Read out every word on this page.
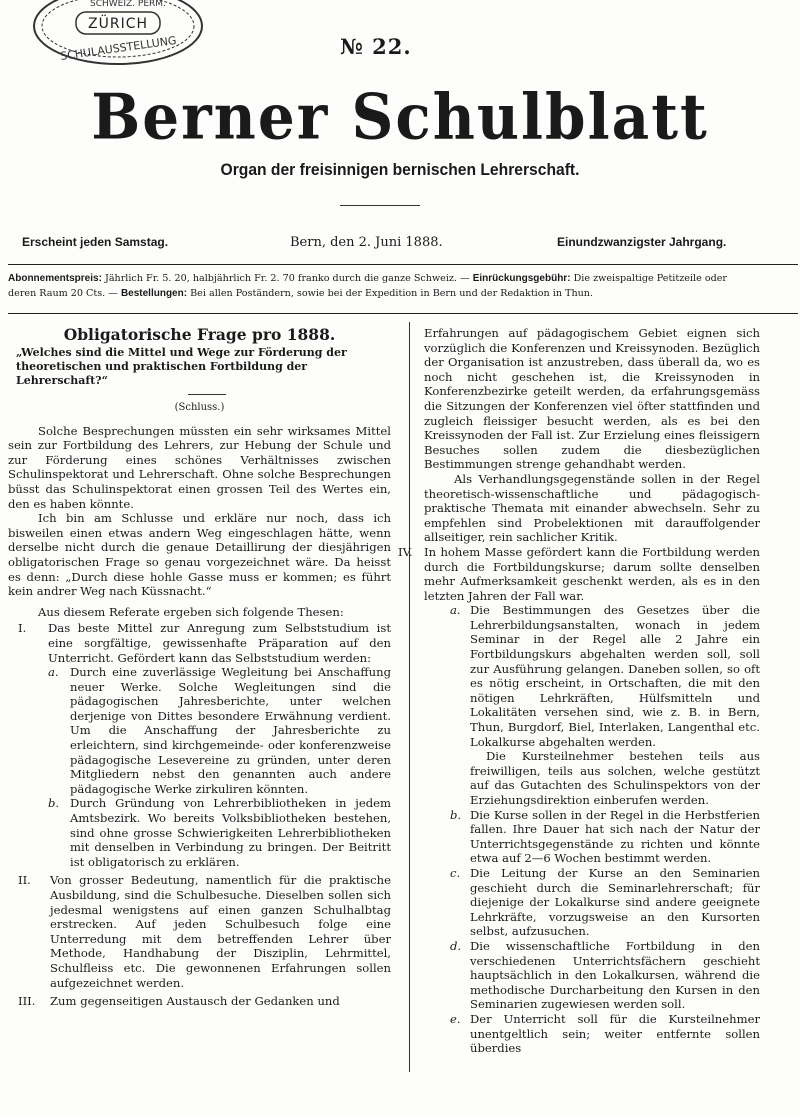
ZÜRICH
SCHWEIZ. PERM.
SCHULAUSSTELLUNG	№ 22.
Berner Schulblatt
Organ der freisinnigen bernischen Lehrerschaft.
Erscheint jeden Samstag.	Bern, den 2. Juni 1888.	Einundzwanzigster Jahrgang.
Abonnementspreis: Jährlich Fr. 5. 20, halbjährlich Fr. 2. 70 franko durch die ganze Schweiz. — Einrückungsgebühr: Die zweispaltige Petitzeile oder deren Raum 20 Cts. — Bestellungen: Bei allen Poständern, sowie bei der Expedition in Bern und der Redaktion in Thun.
Obligatorische Frage pro 1888.
„Welches sind die Mittel und Wege zur Förderung der theoretischen und praktischen Fortbildung der Lehrerschaft?“
(Schluss.)

Solche Besprechungen müssten ein sehr wirksames Mittel sein zur Fortbildung des Lehrers, zur Hebung der Schule und zur Förderung eines schönes Verhältnisses zwischen Schulinspektorat und Lehrerschaft. Ohne solche Besprechungen büsst das Schulinspektorat einen grossen Teil des Wertes ein, den es haben könnte.

Ich bin am Schlusse und erkläre nur noch, dass ich bisweilen einen etwas andern Weg eingeschlagen hätte, wenn derselbe nicht durch die genaue Detaillirung der diesjährigen obligatorischen Frage so genau vorgezeichnet wäre. Da heisst es denn: „Durch diese hohle Gasse muss er kommen; es führt kein andrer Weg nach Küssnacht.“

Aus diesem Referate ergeben sich folgende Thesen:

I.	Das beste Mittel zur Anregung zum Selbststudium ist eine sorgfältige, gewissenhafte Präparation auf den Unterricht. Gefördert kann das Selbststudium werden:
a. Durch eine zuverlässige Wegleitung bei Anschaffung neuer Werke. Solche Wegleitungen sind die pädagogischen Jahresberichte, unter welchen derjenige von Dittes besondere Erwähnung verdient. Um die Anschaffung der Jahresberichte zu erleichtern, sind kirchgemeinde- oder konferenzweise pädagogische Lesevereine zu gründen, unter deren Mitgliedern nebst den genannten auch andere pädagogische Werke zirkuliren könnten.
b. Durch Gründung von Lehrerbibliotheken in jedem Amtsbezirk. Wo bereits Volksbibliotheken bestehen, sind ohne grosse Schwierigkeiten Lehrerbibliotheken mit denselben in Verbindung zu bringen. Der Beitritt ist obligatorisch zu erklären.
II.	Von grosser Bedeutung, namentlich für die praktische Ausbildung, sind die Schulbesuche. Dieselben sollen sich jedesmal wenigstens auf einen ganzen Schulhalbtag erstrecken. Auf jeden Schulbesuch folge eine Unterredung mit dem betreffenden Lehrer über Methode, Handhabung der Disziplin, Lehrmittel, Schulfleiss etc. Die gewonnenen Erfahrungen sollen aufgezeichnet werden.
III.	Zum gegenseitigen Austausch der Gedanken und

Erfahrungen auf pädagogischem Gebiet eignen sich vorzüglich die Konferenzen und Kreissynoden. Bezüglich der Organisation ist anzustreben, dass überall da, wo es noch nicht geschehen ist, die Kreissynoden in Konferenzbezirke geteilt werden, da erfahrungsgemäss die Sitzungen der Konferenzen viel öfter stattfinden und zugleich fleissiger besucht werden, als es bei den Kreissynoden der Fall ist. Zur Erzielung eines fleissigern Besuches sollen zudem die diesbezüglichen Bestimmungen strenge gehandhabt werden.

Als Verhandlungsgegenstände sollen in der Regel theoretisch-wissenschaftliche und pädagogisch-praktische Themata mit einander abwechseln. Sehr zu empfehlen sind Probelektionen mit darauffolgender allseitiger, rein sachlicher Kritik.

IV. In hohem Masse gefördert kann die Fortbildung werden durch die Fortbildungskurse; darum sollte denselben mehr Aufmerksamkeit geschenkt werden, als es in den letzten Jahren der Fall war.
a. Die Bestimmungen des Gesetzes über die Lehrerbildungsanstalten, wonach in jedem Seminar in der Regel alle 2 Jahre ein Fortbildungskurs abgehalten werden soll, soll zur Ausführung gelangen. Daneben sollen, so oft es nötig erscheint, in Ortschaften, die mit den nötigen Lehrkräften, Hülfsmitteln und Lokalitäten versehen sind, wie z. B. in Bern, Thun, Burgdorf, Biel, Interlaken, Langenthal etc. Lokalkurse abgehalten werden.

Die Kursteilnehmer bestehen teils aus freiwilligen, teils aus solchen, welche gestützt auf das Gutachten des Schulinspektors von der Erziehungsdirektion einberufen werden.

b. Die Kurse sollen in der Regel in die Herbstferien fallen. Ihre Dauer hat sich nach der Natur der Unterrichtsgegenstände zu richten und könnte etwa auf 2—6 Wochen bestimmt werden.
c. Die Leitung der Kurse an den Seminarien geschieht durch die Seminarlehrerschaft; für diejenige der Lokalkurse sind andere geeignete Lehrkräfte, vorzugsweise an den Kursorten selbst, aufzusuchen.
d. Die wissenschaftliche Fortbildung in den verschiedenen Unterrichtsfächern geschieht hauptsächlich in den Lokalkursen, während die methodische Durcharbeitung den Kursen in den Seminarien zugewiesen werden soll.
e. Der Unterricht soll für die Kursteilnehmer unentgeltlich sein; weiter entfernte sollen überdies
